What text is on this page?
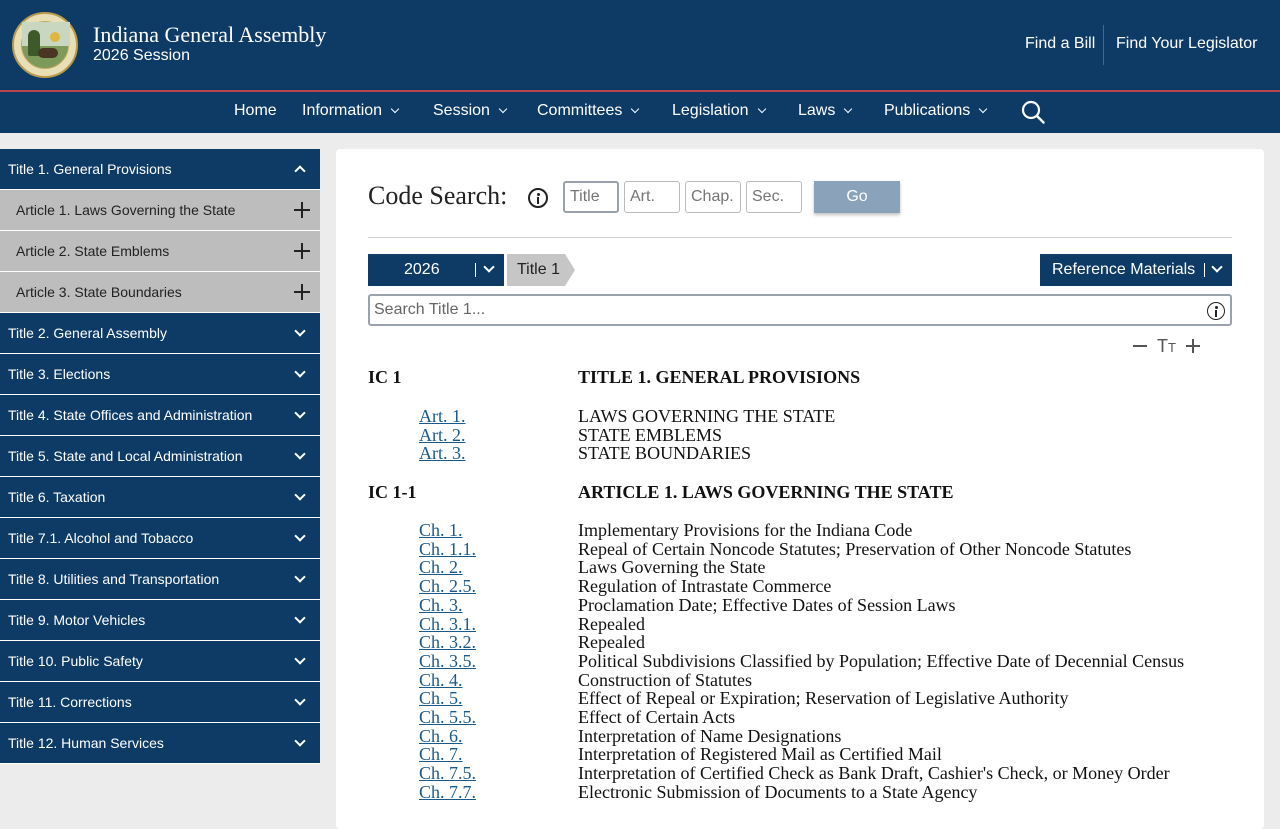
Indiana General Assembly
2026 Session
Find a Bill Find Your Legislator
Home Information	Session	Committees	Legislation	Laws	Publications
Title 1. General Provisions
Article 1. Laws Governing the State
Article 2. State Emblems
Article 3. State Boundaries
Title 2. General Assembly
Title 3. Elections
Title 4. State Offices and Administration
Title 5. State and Local Administration
Title 6. Taxation
Title 7.1. Alcohol and Tobacco
Title 8. Utilities and Transportation
Title 9. Motor Vehicles
Title 10. Public Safety
Title 11. Corrections
Title 12. Human Services
Code Search:
Title
Art.
Chap.
Sec.	Go
2026	Title 1	Reference Materials
Search Title 1...
TT
IC 1	TITLE 1. GENERAL PROVISIONS
Art. 1.	LAWS GOVERNING THE STATE
Art. 2.	STATE EMBLEMS
Art. 3.	STATE BOUNDARIES
IC 1-1	ARTICLE 1. LAWS GOVERNING THE STATE
Ch. 1.	Implementary Provisions for the Indiana Code
Ch. 1.1.	Repeal of Certain Noncode Statutes; Preservation of Other Noncode Statutes
Ch. 2.	Laws Governing the State
Ch. 2.5.	Regulation of Intrastate Commerce
Ch. 3.	Proclamation Date; Effective Dates of Session Laws
Ch. 3.1.	Repealed
Ch. 3.2.	Repealed
Ch. 3.5.	Political Subdivisions Classified by Population; Effective Date of Decennial Census
Ch. 4.	Construction of Statutes
Ch. 5.	Effect of Repeal or Expiration; Reservation of Legislative Authority
Ch. 5.5.	Effect of Certain Acts
Ch. 6.	Interpretation of Name Designations
Ch. 7.	Interpretation of Registered Mail as Certified Mail
Ch. 7.5.	Interpretation of Certified Check as Bank Draft, Cashier's Check, or Money Order
Ch. 7.7.	Electronic Submission of Documents to a State Agency
